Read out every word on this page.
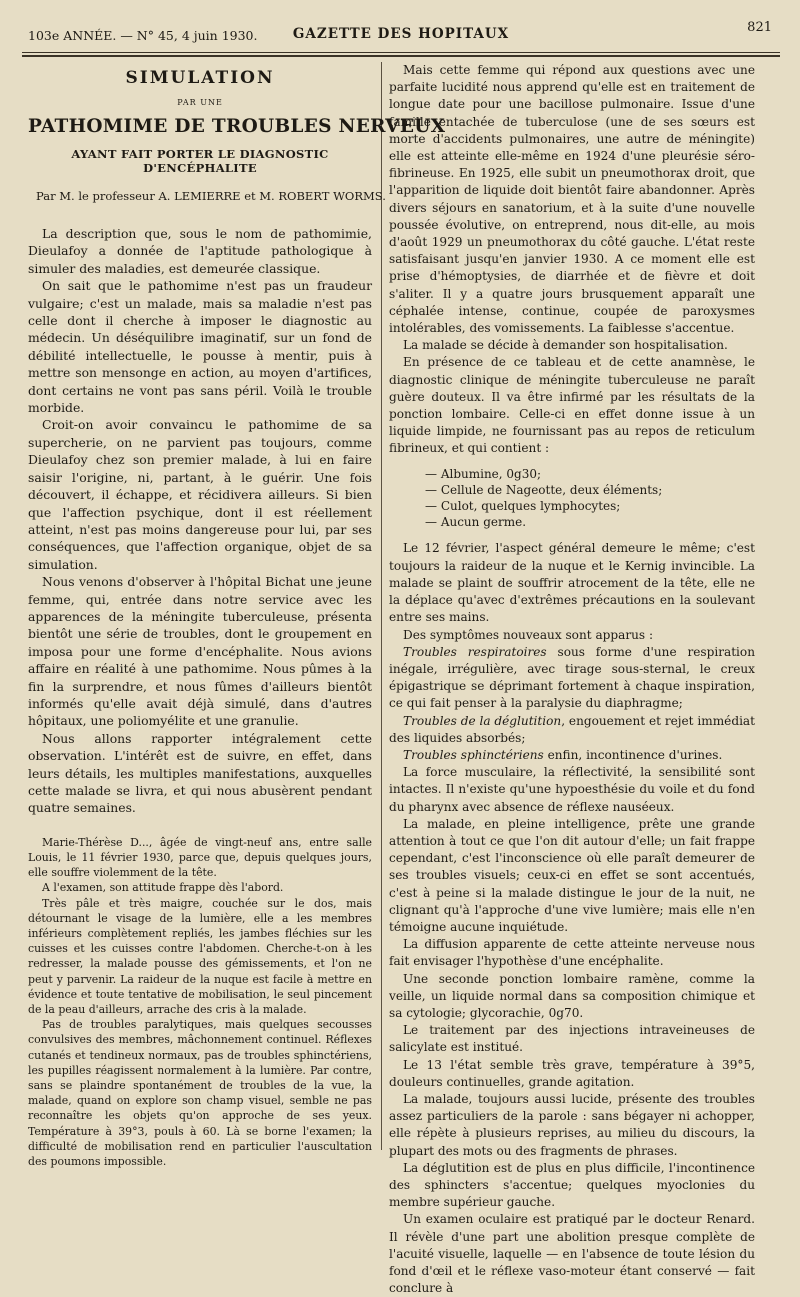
103e ANNÉE. — N° 45, 4 juin 1930.	GAZETTE DES HOPITAUX	821
SIMULATION
PAR UNE
PATHOMIME DE TROUBLES NERVEUX
AYANT FAIT PORTER LE DIAGNOSTIC D'ENCÉPHALITE
Par M. le professeur A. LEMIERRE et M. ROBERT WORMS.

La description que, sous le nom de pathomimie, Dieulafoy a donnée de l'aptitude pathologique à simuler des maladies, est demeurée classique.

On sait que le pathomime n'est pas un fraudeur vulgaire; c'est un malade, mais sa maladie n'est pas celle dont il cherche à imposer le diagnostic au médecin. Un déséquilibre imaginatif, sur un fond de débilité intellectuelle, le pousse à mentir, puis à mettre son mensonge en action, au moyen d'artifices, dont certains ne vont pas sans péril. Voilà le trouble morbide.

Croit-on avoir convaincu le pathomime de sa supercherie, on ne parvient pas toujours, comme Dieulafoy chez son premier malade, à lui en faire saisir l'origine, ni, partant, à le guérir. Une fois découvert, il échappe, et récidivera ailleurs. Si bien que l'affection psychique, dont il est réellement atteint, n'est pas moins dangereuse pour lui, par ses conséquences, que l'affection organique, objet de sa simulation.

Nous venons d'observer à l'hôpital Bichat une jeune femme, qui, entrée dans notre service avec les apparences de la méningite tuberculeuse, présenta bientôt une série de troubles, dont le groupement en imposa pour une forme d'encéphalite. Nous avions affaire en réalité à une pathomime. Nous pûmes à la fin la surprendre, et nous fûmes d'ailleurs bientôt informés qu'elle avait déjà simulé, dans d'autres hôpitaux, une poliomyélite et une granulie.

Nous allons rapporter intégralement cette observation. L'intérêt est de suivre, en effet, dans leurs détails, les multiples manifestations, auxquelles cette malade se livra, et qui nous abusèrent pendant quatre semaines.

Marie-Thérèse D..., âgée de vingt-neuf ans, entre salle Louis, le 11 février 1930, parce que, depuis quelques jours, elle souffre violemment de la tête.

A l'examen, son attitude frappe dès l'abord.

Très pâle et très maigre, couchée sur le dos, mais détournant le visage de la lumière, elle a les membres inférieurs complètement repliés, les jambes fléchies sur les cuisses et les cuisses contre l'abdomen. Cherche-t-on à les redresser, la malade pousse des gémissements, et l'on ne peut y parvenir. La raideur de la nuque est facile à mettre en évidence et toute tentative de mobilisation, le seul pincement de la peau d'ailleurs, arrache des cris à la malade.

Pas de troubles paralytiques, mais quelques secousses convulsives des membres, mâchonnement continuel. Réflexes cutanés et tendineux normaux, pas de troubles sphinctériens, les pupilles réagissent normalement à la lumière. Par contre, sans se plaindre spontanément de troubles de la vue, la malade, quand on explore son champ visuel, semble ne pas reconnaître les objets qu'on approche de ses yeux. Température à 39°3, pouls à 60. Là se borne l'examen; la difficulté de mobilisation rend en particulier l'auscultation des poumons impossible.

Mais cette femme qui répond aux questions avec une parfaite lucidité nous apprend qu'elle est en traitement de longue date pour une bacillose pulmonaire. Issue d'une famille entachée de tuberculose (une de ses sœurs est morte d'accidents pulmonaires, une autre de méningite) elle est atteinte elle-même en 1924 d'une pleurésie séro-fibrineuse. En 1925, elle subit un pneumothorax droit, que l'apparition de liquide doit bientôt faire abandonner. Après divers séjours en sanatorium, et à la suite d'une nouvelle poussée évolutive, on entreprend, nous dit-elle, au mois d'août 1929 un pneumothorax du côté gauche. L'état reste satisfaisant jusqu'en janvier 1930. A ce moment elle est prise d'hémoptysies, de diarrhée et de fièvre et doit s'aliter. Il y a quatre jours brusquement apparaît une céphalée intense, continue, coupée de paroxysmes intolérables, des vomissements. La faiblesse s'accentue.

La malade se décide à demander son hospitalisation.

En présence de ce tableau et de cette anamnèse, le diagnostic clinique de méningite tuberculeuse ne paraît guère douteux. Il va être infirmé par les résultats de la ponction lombaire. Celle-ci en effet donne issue à un liquide limpide, ne fournissant pas au repos de reticulum fibrineux, et qui contient :

— Albumine, 0g30;
— Cellule de Nageotte, deux éléments;
— Culot, quelques lymphocytes;
— Aucun germe.

Le 12 février, l'aspect général demeure le même; c'est toujours la raideur de la nuque et le Kernig invincible. La malade se plaint de souffrir atrocement de la tête, elle ne la déplace qu'avec d'extrêmes précautions en la soulevant entre ses mains.

Des symptômes nouveaux sont apparus :

Troubles respiratoires sous forme d'une respiration inégale, irrégulière, avec tirage sous-sternal, le creux épigastrique se déprimant fortement à chaque inspiration, ce qui fait penser à la paralysie du diaphragme;

Troubles de la déglutition, engouement et rejet immédiat des liquides absorbés;

Troubles sphinctériens enfin, incontinence d'urines.

La force musculaire, la réflectivité, la sensibilité sont intactes. Il n'existe qu'une hypoesthésie du voile et du fond du pharynx avec absence de réflexe nauséeux.

La malade, en pleine intelligence, prête une grande attention à tout ce que l'on dit autour d'elle; un fait frappe cependant, c'est l'inconscience où elle paraît demeurer de ses troubles visuels; ceux-ci en effet se sont accentués, c'est à peine si la malade distingue le jour de la nuit, ne clignant qu'à l'approche d'une vive lumière; mais elle n'en témoigne aucune inquiétude.

La diffusion apparente de cette atteinte nerveuse nous fait envisager l'hypothèse d'une encéphalite.

Une seconde ponction lombaire ramène, comme la veille, un liquide normal dans sa composition chimique et sa cytologie; glycorachie, 0g70.

Le traitement par des injections intraveineuses de salicylate est institué.

Le 13 l'état semble très grave, température à 39°5, douleurs continuelles, grande agitation.

La malade, toujours aussi lucide, présente des troubles assez particuliers de la parole : sans bégayer ni achopper, elle répète à plusieurs reprises, au milieu du discours, la plupart des mots ou des fragments de phrases.

La déglutition est de plus en plus difficile, l'incontinence des sphincters s'accentue; quelques myoclonies du membre supérieur gauche.

Un examen oculaire est pratiqué par le docteur Renard. Il révèle d'une part une abolition presque complète de l'acuité visuelle, laquelle — en l'absence de toute lésion du fond d'œil et le réflexe vaso-moteur étant conservé — fait conclure à
